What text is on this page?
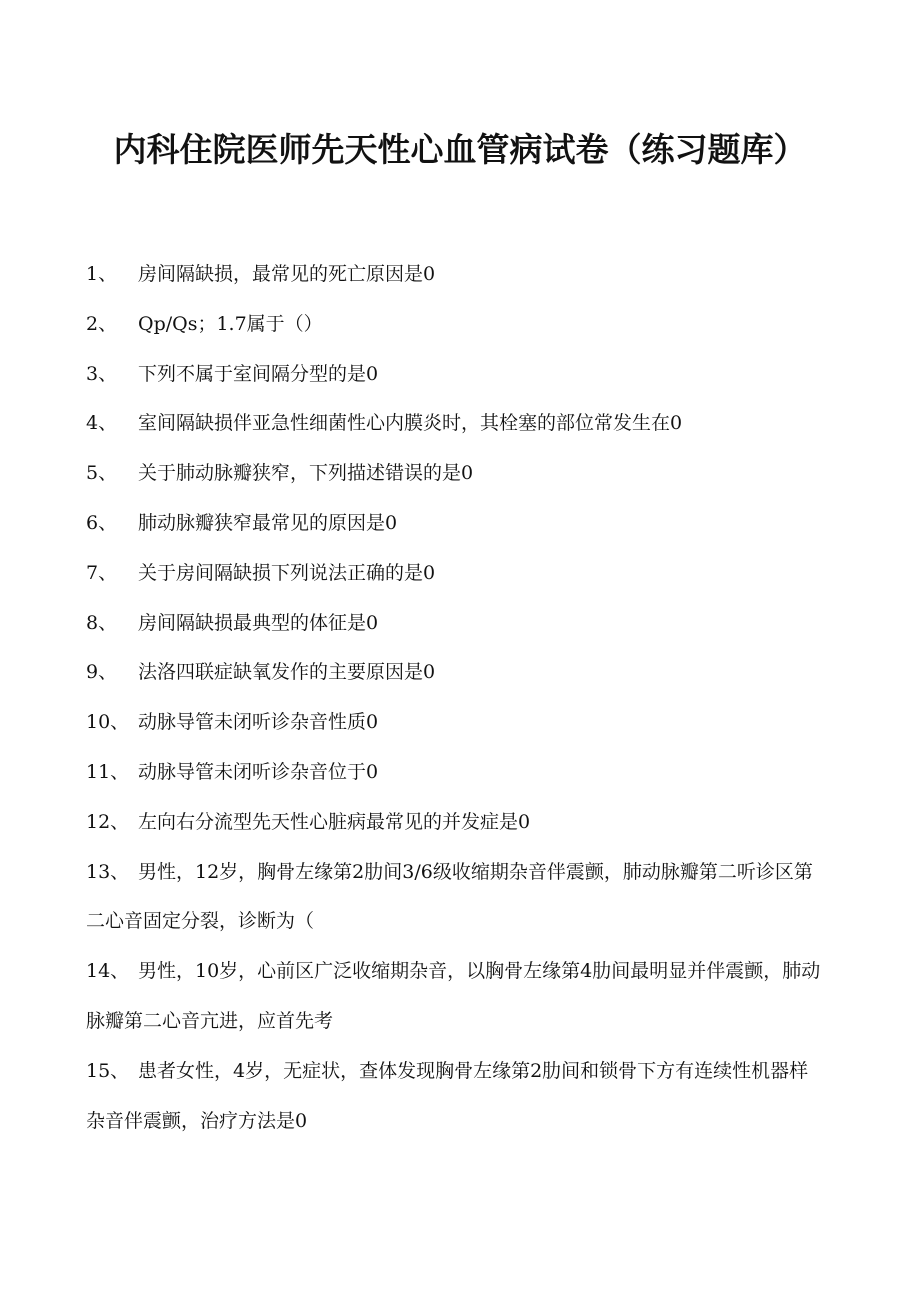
内科住院医师先天性心血管病试卷（练习题库）

1、 房间隔缺损，最常见的死亡原因是0

2、 Qp/Qs；1.7属于（）

3、 下列不属于室间隔分型的是0

4、 室间隔缺损伴亚急性细菌性心内膜炎时，其栓塞的部位常发生在0

5、 关于肺动脉瓣狭窄，下列描述错误的是0

6、 肺动脉瓣狭窄最常见的原因是0

7、 关于房间隔缺损下列说法正确的是0

8、 房间隔缺损最典型的体征是0

9、 法洛四联症缺氧发作的主要原因是0

10、 动脉导管未闭听诊杂音性质0

11、 动脉导管未闭听诊杂音位于0

12、 左向右分流型先天性心脏病最常见的并发症是0

13、 男性，12岁，胸骨左缘第2肋间3/6级收缩期杂音伴震颤，肺动脉瓣第二听诊区第二心音固定分裂，诊断为（

14、 男性，10岁，心前区广泛收缩期杂音，以胸骨左缘第4肋间最明显并伴震颤，肺动脉瓣第二心音亢进，应首先考

15、 患者女性，4岁，无症状，查体发现胸骨左缘第2肋间和锁骨下方有连续性机器样杂音伴震颤，治疗方法是0
